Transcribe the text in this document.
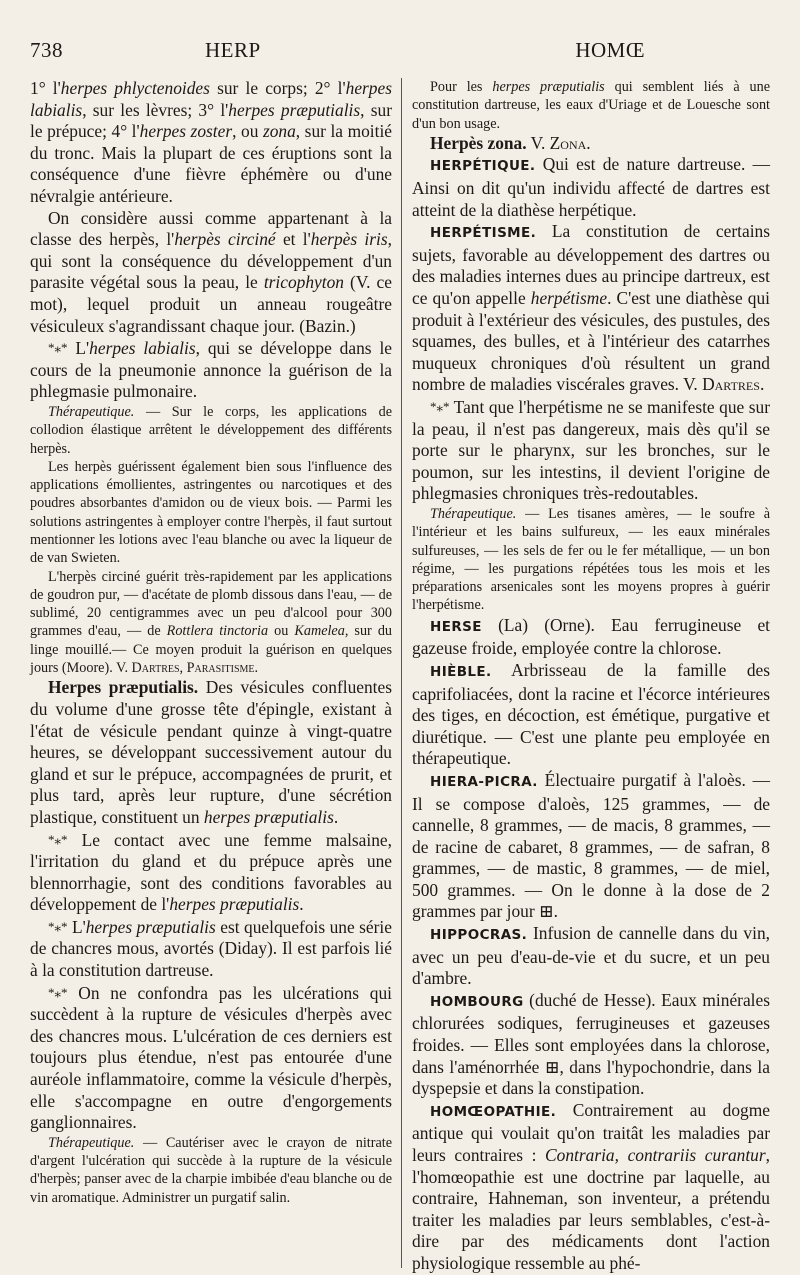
738	HERP	HOMŒ

1° l'herpes phlyctenoides sur le corps; 2° l'herpes labialis, sur les lèvres; 3° l'herpes præputialis, sur le prépuce; 4° l'herpes zoster, ou zona, sur la moitié du tronc. Mais la plupart de ces éruptions sont la conséquence d'une fièvre éphémère ou d'une névralgie antérieure.

On considère aussi comme appartenant à la classe des herpès, l'herpès circiné et l'herpès iris, qui sont la conséquence du développement d'un parasite végétal sous la peau, le tricophyton (V. ce mot), lequel produit un anneau rougeâtre vésiculeux s'agrandissant chaque jour. (Bazin.)

*⁎* L'herpes labialis, qui se développe dans le cours de la pneumonie annonce la guérison de la phlegmasie pulmonaire.

Thérapeutique. — Sur le corps, les applications de collodion élastique arrêtent le développement des différents herpès.

Les herpès guérissent également bien sous l'influence des applications émollientes, astringentes ou narcotiques et des poudres absorbantes d'amidon ou de vieux bois. — Parmi les solutions astringentes à employer contre l'herpès, il faut surtout mentionner les lotions avec l'eau blanche ou avec la liqueur de de van Swieten.

L'herpès circiné guérit très-rapidement par les applications de goudron pur, — d'acétate de plomb dissous dans l'eau, — de sublimé, 20 centigrammes avec un peu d'alcool pour 300 grammes d'eau, — de Rottlera tinctoria ou Kamelea, sur du linge mouillé.— Ce moyen produit la guérison en quelques jours (Moore). V. Dartres, Parasitisme.

Herpes præputialis. Des vésicules confluentes du volume d'une grosse tête d'épingle, existant à l'état de vésicule pendant quinze à vingt-quatre heures, se développant successivement autour du gland et sur le prépuce, accompagnées de prurit, et plus tard, après leur rupture, d'une sécrétion plastique, constituent un herpes præputialis.

*⁎* Le contact avec une femme malsaine, l'irritation du gland et du prépuce après une blennorrhagie, sont des conditions favorables au développement de l'herpes præputialis.

*⁎* L'herpes præputialis est quelquefois une série de chancres mous, avortés (Diday). Il est parfois lié à la constitution dartreuse.

*⁎* On ne confondra pas les ulcérations qui succèdent à la rupture de vésicules d'herpès avec des chancres mous. L'ulcération de ces derniers est toujours plus étendue, n'est pas entourée d'une auréole inflammatoire, comme la vésicule d'herpès, elle s'accompagne en outre d'engorgements ganglionnaires.

Thérapeutique. — Cautériser avec le crayon de nitrate d'argent l'ulcération qui succède à la rupture de la vésicule d'herpès; panser avec de la charpie imbibée d'eau blanche ou de vin aromatique. Administrer un purgatif salin.

Pour les herpes præputialis qui semblent liés à une constitution dartreuse, les eaux d'Uriage et de Louesche sont d'un bon usage.

Herpès zona. V. Zona.

HERPÉTIQUE. Qui est de nature dartreuse. — Ainsi on dit qu'un individu affecté de dartres est atteint de la diathèse herpétique.

HERPÉTISME. La constitution de certains sujets, favorable au développement des dartres ou des maladies internes dues au principe dartreux, est ce qu'on appelle herpétisme. C'est une diathèse qui produit à l'extérieur des vésicules, des pustules, des squames, des bulles, et à l'intérieur des catarrhes muqueux chroniques d'où résultent un grand nombre de maladies viscérales graves. V. Dartres.

*⁎* Tant que l'herpétisme ne se manifeste que sur la peau, il n'est pas dangereux, mais dès qu'il se porte sur le pharynx, sur les bronches, sur le poumon, sur les intestins, il devient l'origine de phlegmasies chroniques très-redoutables.

Thérapeutique. — Les tisanes amères, — le soufre à l'intérieur et les bains sulfureux, — les eaux minérales sulfureuses, — les sels de fer ou le fer métallique, — un bon régime, — les purgations répétées tous les mois et les préparations arsenicales sont les moyens propres à guérir l'herpétisme.

HERSE (La) (Orne). Eau ferrugineuse et gazeuse froide, employée contre la chlorose.

HIÈBLE. Arbrisseau de la famille des caprifoliacées, dont la racine et l'écorce intérieures des tiges, en décoction, est émétique, purgative et diurétique. — C'est une plante peu employée en thérapeutique.

HIERA-PICRA. Électuaire purgatif à l'aloès. — Il se compose d'aloès, 125 grammes, — de cannelle, 8 grammes, — de macis, 8 grammes, — de racine de cabaret, 8 grammes, — de safran, 8 grammes, — de mastic, 8 grammes, — de miel, 500 grammes. — On le donne à la dose de 2 grammes par jour ⊞.

HIPPOCRAS. Infusion de cannelle dans du vin, avec un peu d'eau-de-vie et du sucre, et un peu d'ambre.

HOMBOURG (duché de Hesse). Eaux minérales chlorurées sodiques, ferrugineuses et gazeuses froides. — Elles sont employées dans la chlorose, dans l'aménorrhée ⊞, dans l'hypochondrie, dans la dyspepsie et dans la constipation.

HOMŒOPATHIE. Contrairement au dogme antique qui voulait qu'on traitât les maladies par leurs contraires : Contraria, contrariis curantur, l'homœopathie est une doctrine par laquelle, au contraire, Hahneman, son inventeur, a prétendu traiter les maladies par leurs semblables, c'est-à-dire par des médicaments dont l'action physiologique ressemble au phé-
